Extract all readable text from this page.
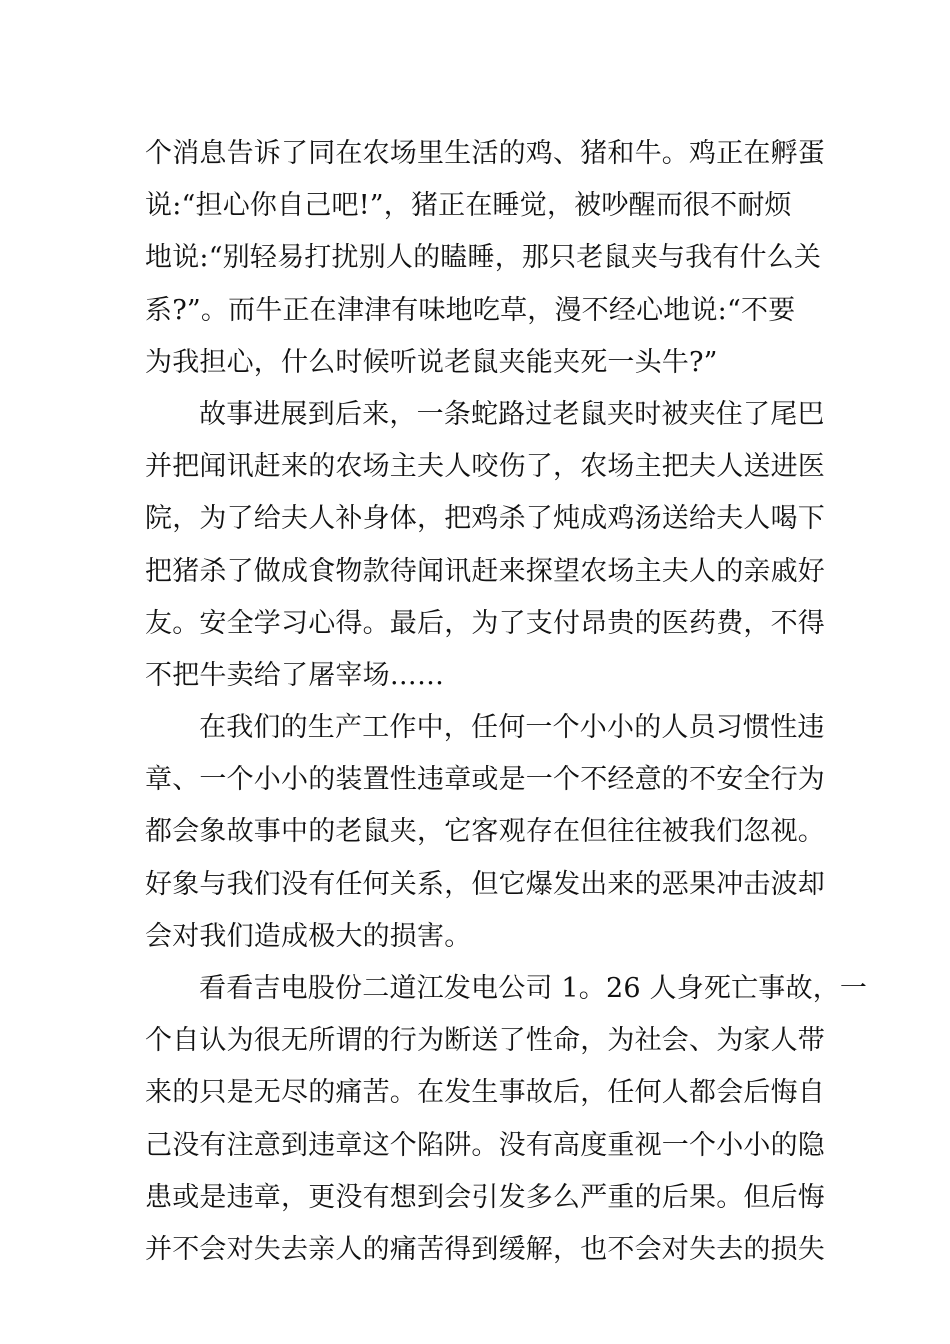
个消息告诉了同在农场里生活的鸡、猪和牛。鸡正在孵蛋
说:“担心你自己吧!”，猪正在睡觉，被吵醒而很不耐烦
地说:“别轻易打扰别人的瞌睡，那只老鼠夹与我有什么关
系?”。而牛正在津津有味地吃草，漫不经心地说:“不要
为我担心，什么时候听说老鼠夹能夹死一头牛?”
故事进展到后来，一条蛇路过老鼠夹时被夹住了尾巴
并把闻讯赶来的农场主夫人咬伤了，农场主把夫人送进医
院，为了给夫人补身体，把鸡杀了炖成鸡汤送给夫人喝下
把猪杀了做成食物款待闻讯赶来探望农场主夫人的亲戚好
友。安全学习心得。最后，为了支付昂贵的医药费，不得
不把牛卖给了屠宰场……
在我们的生产工作中，任何一个小小的人员习惯性违
章、一个小小的装置性违章或是一个不经意的不安全行为
都会象故事中的老鼠夹，它客观存在但往往被我们忽视。
好象与我们没有任何关系，但它爆发出来的恶果冲击波却
会对我们造成极大的损害。
看看吉电股份二道江发电公司 1。26 人身死亡事故，一
个自认为很无所谓的行为断送了性命，为社会、为家人带
来的只是无尽的痛苦。在发生事故后，任何人都会后悔自
己没有注意到违章这个陷阱。没有高度重视一个小小的隐
患或是违章，更没有想到会引发多么严重的后果。但后悔
并不会对失去亲人的痛苦得到缓解，也不会对失去的损失
